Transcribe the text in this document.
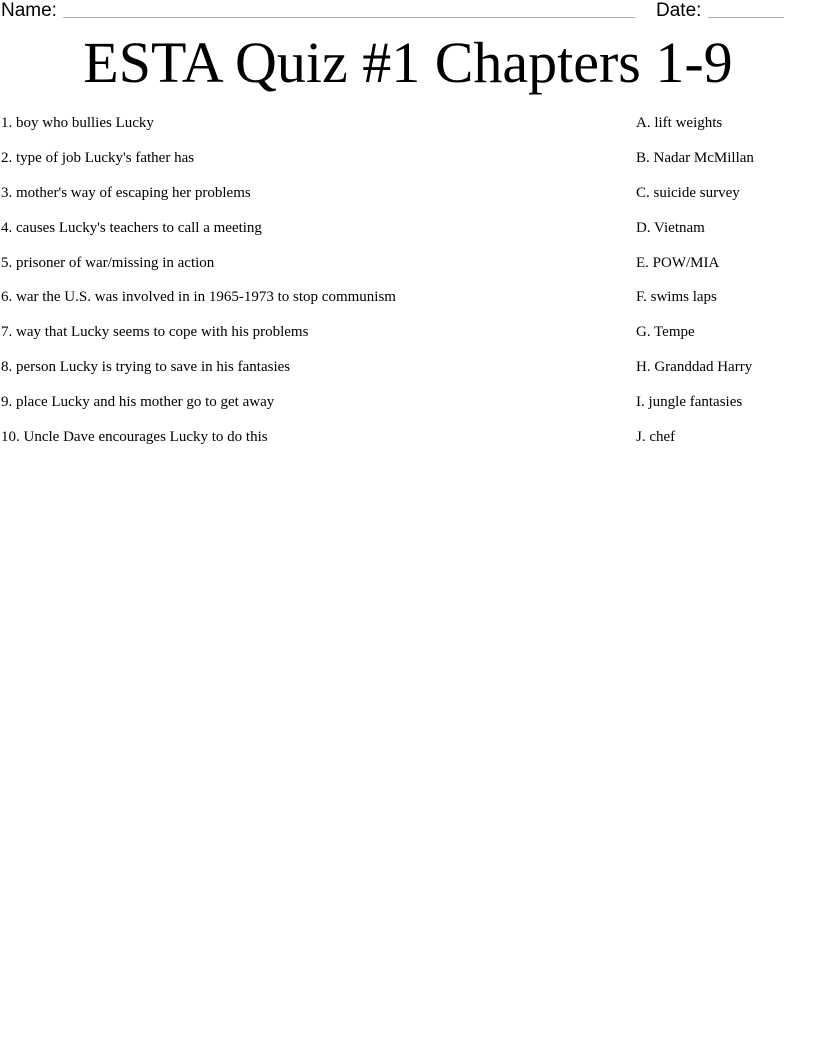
Name:	Date:
ESTA Quiz #1 Chapters 1-9
1. boy who bullies Lucky
2. type of job Lucky's father has
3. mother's way of escaping her problems
4. causes Lucky's teachers to call a meeting
5. prisoner of war/missing in action
6. war the U.S. was involved in in 1965-1973 to stop communism
7. way that Lucky seems to cope with his problems
8. person Lucky is trying to save in his fantasies
9. place Lucky and his mother go to get away
10. Uncle Dave encourages Lucky to do this
A. lift weights
B. Nadar McMillan
C. suicide survey
D. Vietnam
E. POW/MIA
F. swims laps
G. Tempe
H. Granddad Harry
I. jungle fantasies
J. chef
